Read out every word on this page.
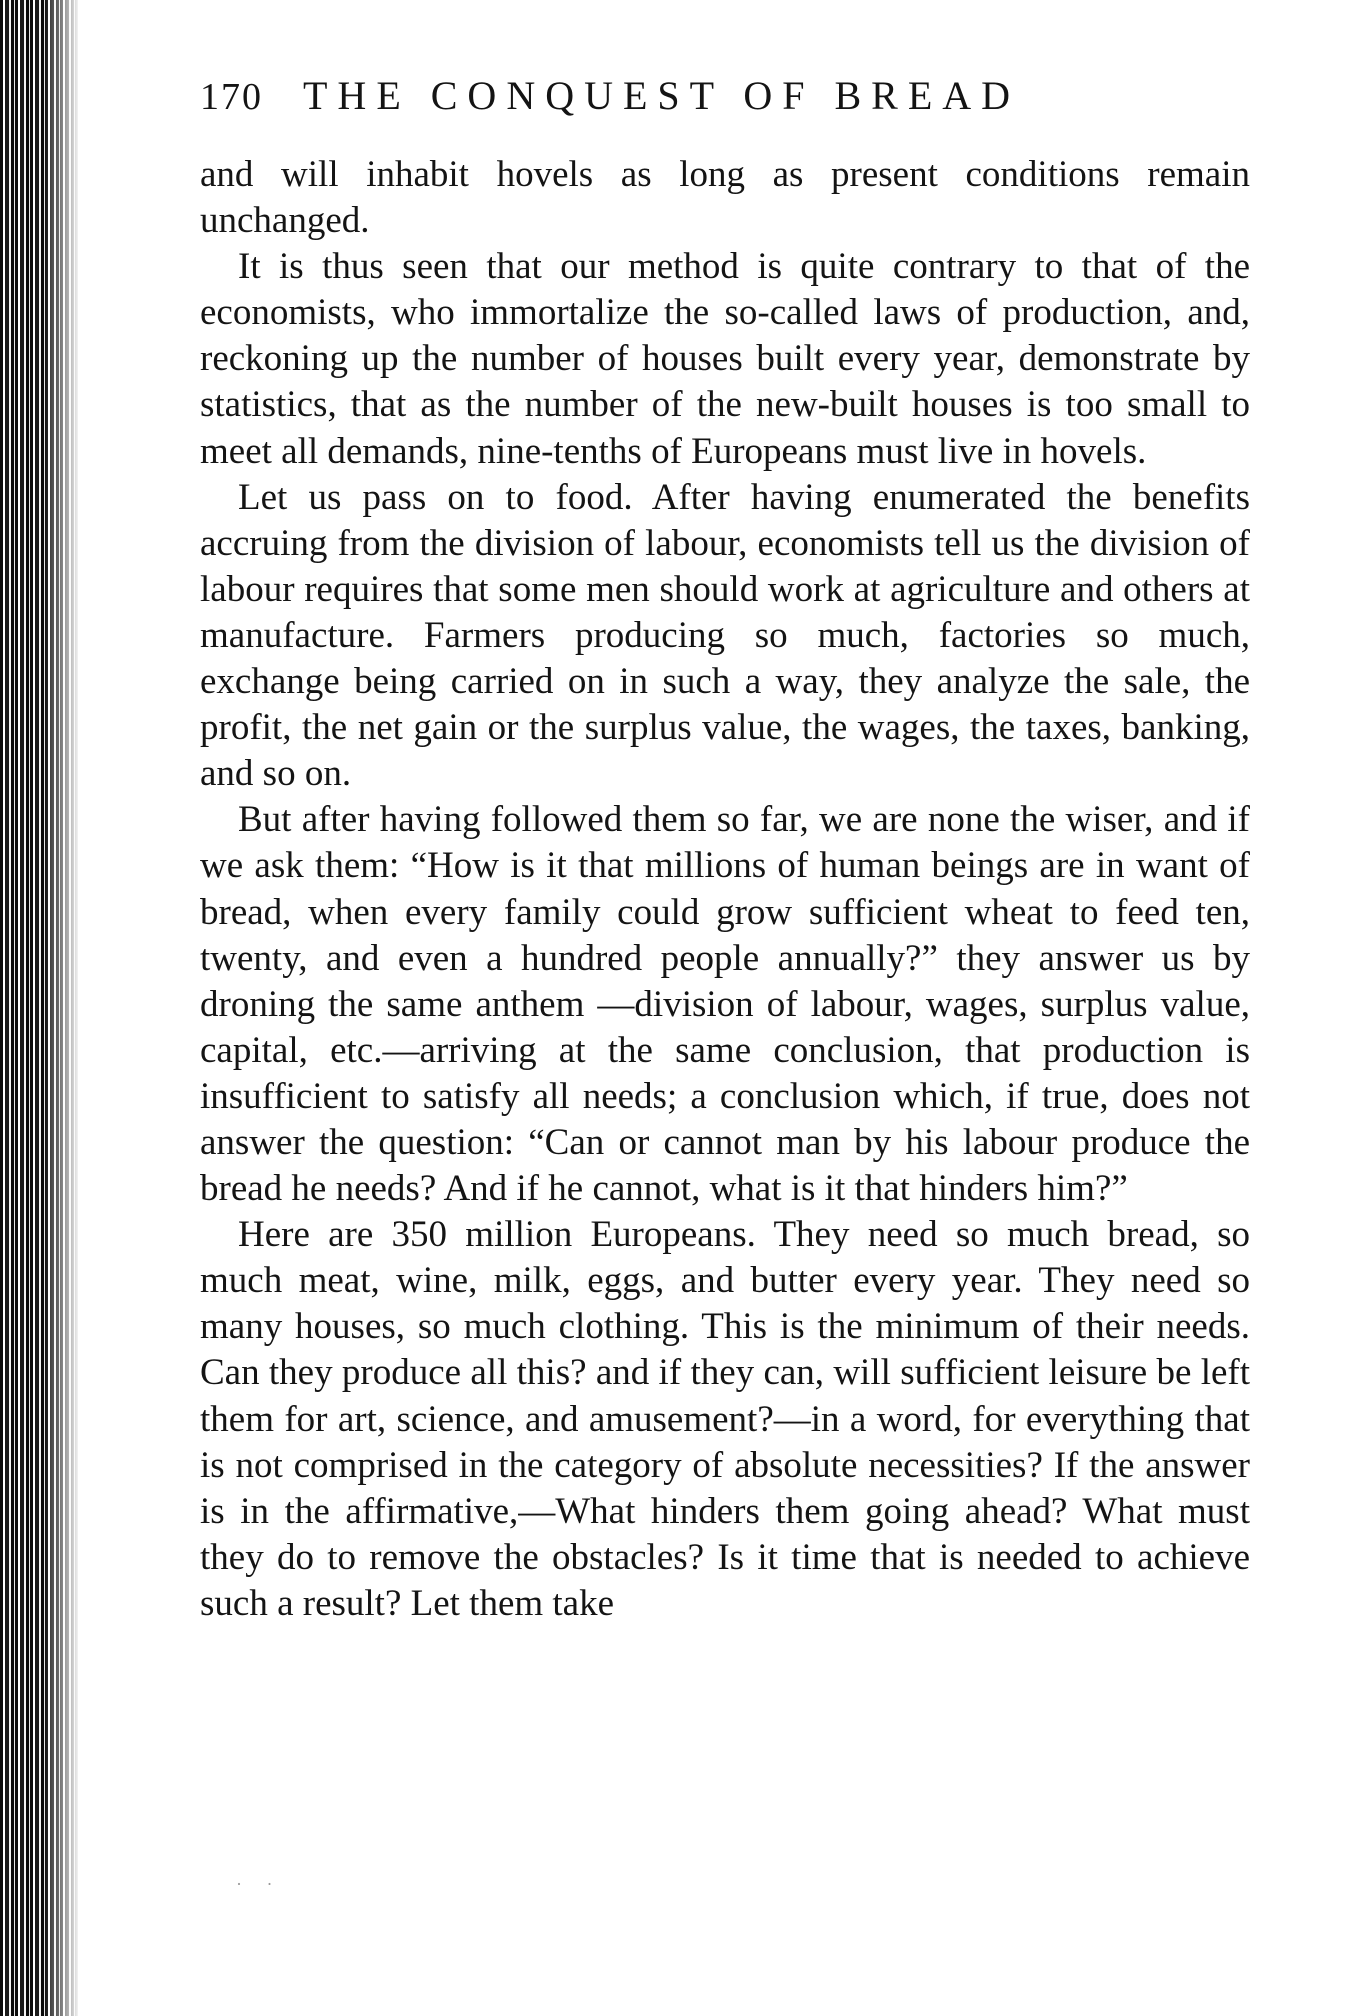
170 THE CONQUEST OF BREAD

and will inhabit hovels as long as present conditions remain unchanged.

It is thus seen that our method is quite contrary to that of the economists, who immortalize the so-called laws of production, and, reckoning up the number of houses built every year, demonstrate by statistics, that as the number of the new-built houses is too small to meet all demands, nine-tenths of Europeans must live in hovels.

Let us pass on to food. After having enumerated the benefits accruing from the division of labour, economists tell us the division of labour requires that some men should work at agriculture and others at manufacture. Farmers producing so much, factories so much, exchange being carried on in such a way, they analyze the sale, the profit, the net gain or the surplus value, the wages, the taxes, banking, and so on.

But after having followed them so far, we are none the wiser, and if we ask them: “How is it that millions of human beings are in want of bread, when every family could grow sufficient wheat to feed ten, twenty, and even a hundred people annually?” they answer us by droning the same anthem —division of labour, wages, surplus value, capital, etc.—arriving at the same conclusion, that production is insufficient to satisfy all needs; a conclusion which, if true, does not answer the question: “Can or cannot man by his labour produce the bread he needs? And if he cannot, what is it that hinders him?”

Here are 350 million Europeans. They need so much bread, so much meat, wine, milk, eggs, and butter every year. They need so many houses, so much clothing. This is the minimum of their needs. Can they produce all this? and if they can, will sufficient leisure be left them for art, science, and amusement?—in a word, for everything that is not comprised in the category of absolute necessities? If the answer is in the affirmative,—What hinders them going ahead? What must they do to remove the obstacles? Is it time that is needed to achieve such a result? Let them take

· ·
